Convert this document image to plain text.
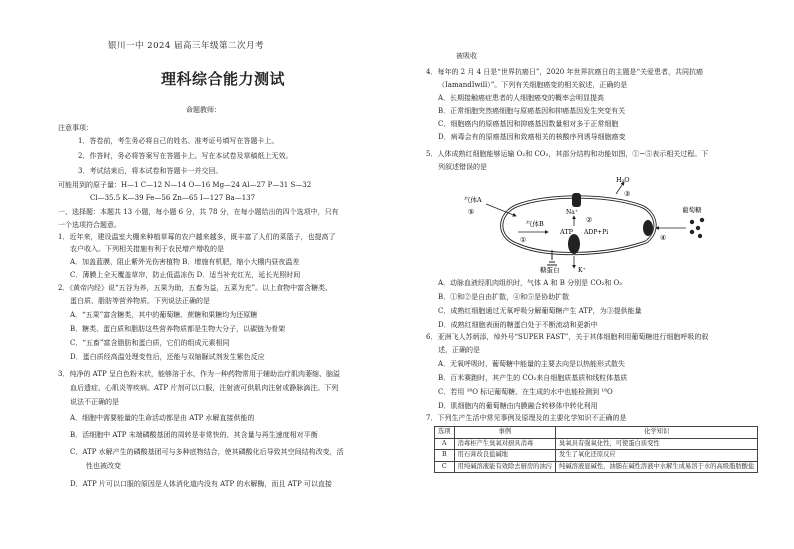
银川一中 2024 届高三年级第二次月考
理科综合能力测试
命题教师：
注意事项：
1．答卷前，考生务必将自己的姓名、准考证号填写在答题卡上。
2．作答时，务必将答案写在答题卡上。写在本试卷及草稿纸上无效。
3．考试结束后，将本试卷和答题卡一并交回。
可能用到的原子量：H—1 C—12 N—14 O—16 Mg—24 Al—27 P—31 S—32
Cl—35.5 K—39 Fe—56 Zn—65 I—127 Ba—137
一、选择题：本题共 13 小题，每小题 6 分，共 78 分，在每小题给出的四个选项中，只有
一个选项符合题意。
1．近年来，建设温室大棚来种植草莓的农户越来越多，既丰富了人们的菜篮子，也提高了
农户收入。下列相关措施有利于农民增产增收的是
A．加盖蓝膜，阻止紫外光伤害植物 B．增施有机肥，缩小大棚内昼夜温差
C．薄膜上全天覆盖草帘，防止低温冻伤 D．适当补充红光，延长光照时间
2．《黄帝内经》说“五谷为养，五果为助，五畜为益，五菜为充”。以上食物中富含糖类、
蛋白质、脂肪等营养物质。下列说法正确的是
A．“五果”富含糖类，其中的葡萄糖、蔗糖和果糖均为还原糖
B．糖类、蛋白质和脂肪这些营养物质都是生物大分子，以碳链为骨架
C．“五畜”富含脂肪和蛋白质，它们的组成元素相同
D．蛋白质经高温处理变性后，还能与双缩脲试剂发生紫色反应
3．纯净的 ATP 呈白色粉末状，能够溶于水，作为一种药物常用于辅助治疗肌肉萎缩、脑溢
血后遗症、心肌炎等疾病。ATP 片剂可以口服，注射液可供肌肉注射或静脉滴注。下列
说法不正确的是
A．细胞中需要能量的生命活动都是由 ATP 水解直接供能的
B．活细胞中 ATP 末端磷酸基团的周转是非常快的，其含量与再生速度相对平衡
C．ATP 水解产生的磷酸基团可与多种底物结合，使其磷酸化后导致其空间结构改变，活
性也被改变
D．ATP 片可以口服的原因是人体消化道内没有 ATP 的水解酶，而且 ATP 可以直接
被吸收
4．每年的 2 月 4 日是“世界抗癌日”，2020 年世界抗癌日的主题是“关爱患者，共同抗癌
（IamandIwill）”。下列有关细胞癌变的相关叙述，正确的是
A．长期接触癌症患者的人细胞癌变的概率会明显提高
B．正常细胞突然癌细胞与原癌基因和抑癌基因发生突变有关
C．细胞癌内的原癌基因和抑癌基因数量相对多于正常细胞
D．病毒会有的原癌基因和致癌相关的核酸序列诱导细胞癌变
5．人体成熟红细胞能够运输 O₂和 CO₂，其部分结构和功能如图，①~⑤表示相关过程。下
列叙述错误的是
气体A
⑤
气体B
①
H₂O
③
Na⁺
ATP ADP+Pi
②
K⁺
糖蛋白
葡萄糖
④
A．动脉血液经肌肉组织时，气体 A 和 B 分别是 CO₂和 O₂
B．①和②是自由扩散，④和⑤是协助扩散
C．成熟红细胞通过无氧呼吸分解葡萄糖产生 ATP，为③提供能量
D．成熟红细胞表面的糖蛋白处于不断流动和更新中
6．亚洲飞人苏炳添，绰外号“SUPER FAST”，关于其体细胞利用葡萄糖进行细胞呼吸的叙
述，正确的是
A．无氧呼吸时，葡萄糖中能量的主要去向是以热能形式散失
B．百米赛跑时，其产生的 CO₂来自细胞质基质和线粒体基质
C．若用 ¹⁸O 标记葡萄糖，在生成的水中也能检测到 ¹⁸O
D．肌细胞内的葡萄糖由内膜融合转移体中转化利用
7．下列生产生活中常见事例及原理及的主要化学知识不正确的是
选项	事例	化学知识
A	消毒柜产生臭氧对厨具消毒	臭氧具有强氧化性，可使蛋白质变性
B	用石膏改良盐碱地	发生了氧化还原反应
C	用纯碱溶液能有效除去厨房的油污	纯碱溶液显碱性，油脂在碱性溶液中水解生成易溶于水的高级脂肪酸盐
